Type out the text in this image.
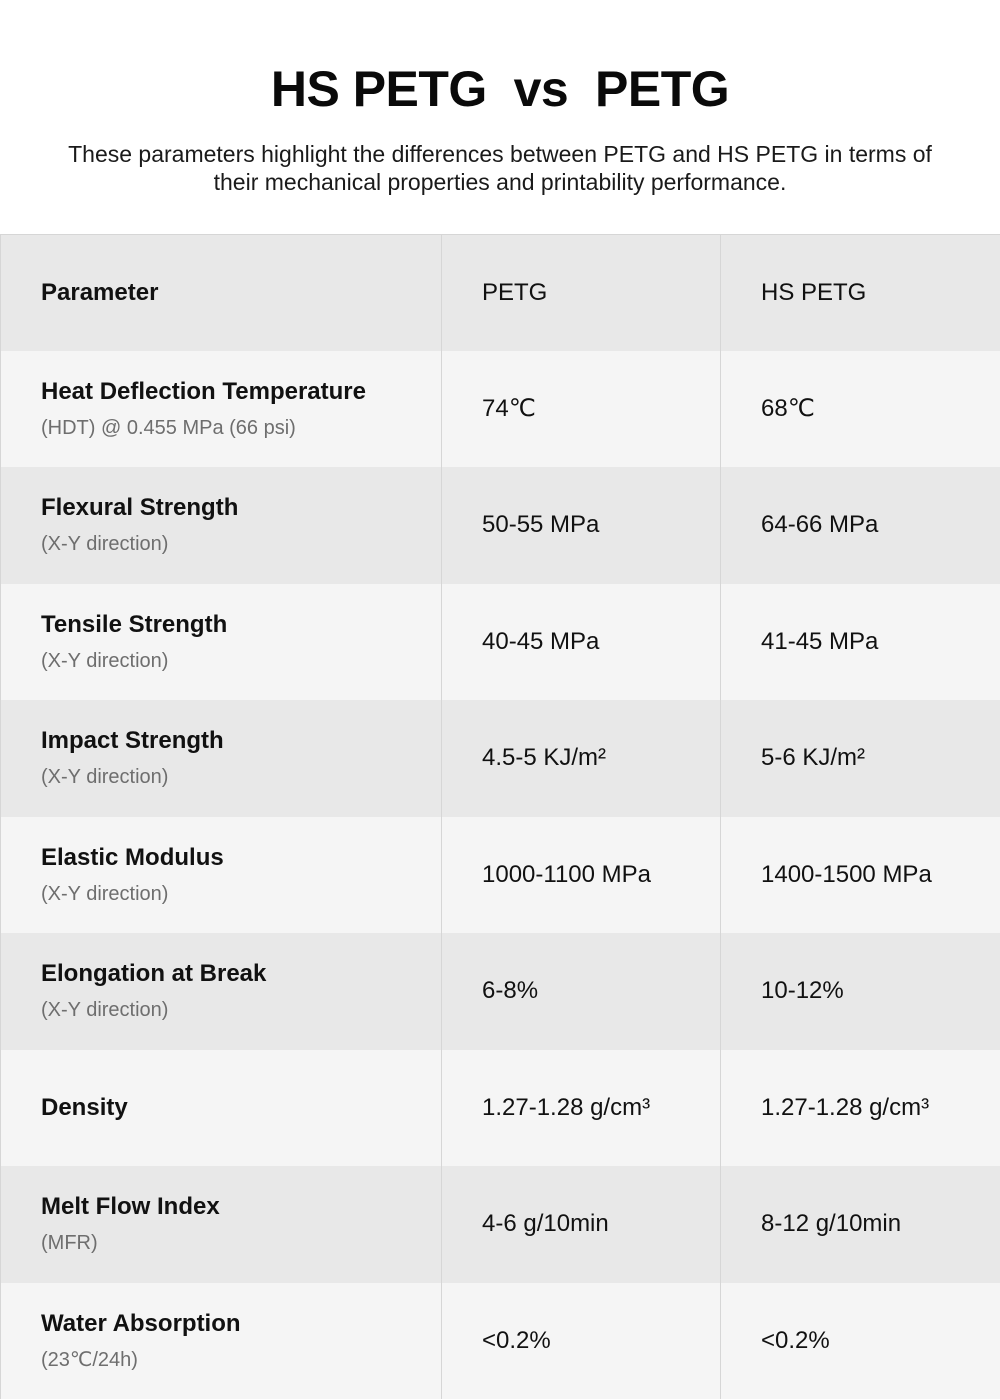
HS PETG  vs  PETG

These parameters highlight the differences between PETG and HS PETG in terms of their mechanical properties and printability performance.

Parameter	PETG	HS PETG

Heat Deflection Temperature
(HDT) @ 0.455 MPa (66 psi)	74℃	68℃

Flexural Strength
(X-Y direction)	50-55 MPa	64-66 MPa

Tensile Strength
(X-Y direction)	40-45 MPa	41-45 MPa

Impact Strength
(X-Y direction)	4.5-5 KJ/m²	5-6 KJ/m²

Elastic Modulus
(X-Y direction)	1000-1100 MPa	1400-1500 MPa

Elongation at Break
(X-Y direction)	6-8%	10-12%

Density	1.27-1.28 g/cm³	1.27-1.28 g/cm³

Melt Flow Index
(MFR)	4-6 g/10min	8-12 g/10min

Water Absorption
(23℃/24h)	<0.2%	<0.2%
